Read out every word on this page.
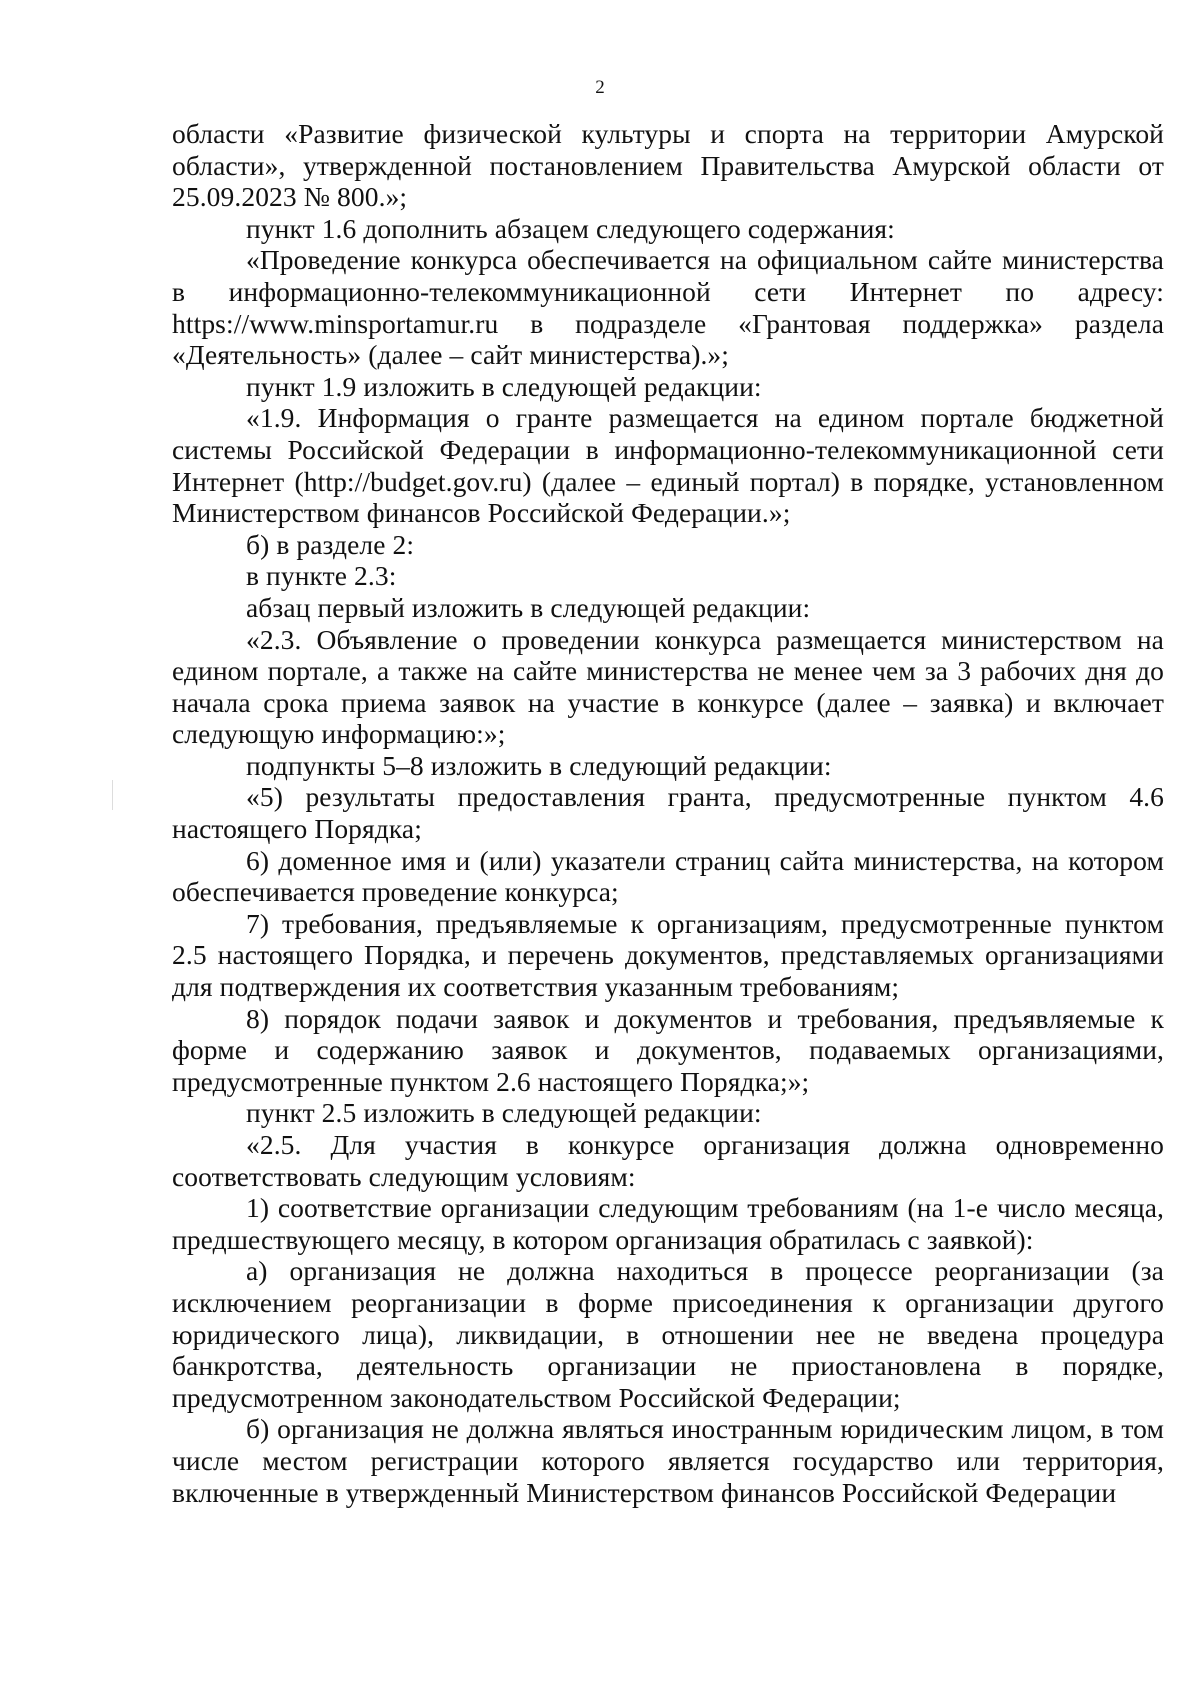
2

области «Развитие физической культуры и спорта на территории Амурской области», утвержденной постановлением Правительства Амурской области от 25.09.2023 № 800.»;

пункт 1.6 дополнить абзацем следующего содержания:

«Проведение конкурса обеспечивается на официальном сайте министерства в информационно-телекоммуникационной сети Интернет по адресу: https://www.minsportamur.ru в подразделе «Грантовая поддержка» раздела «Деятельность» (далее – сайт министерства).»;

пункт 1.9 изложить в следующей редакции:

«1.9. Информация о гранте размещается на едином портале бюджетной системы Российской Федерации в информационно-телекоммуникационной сети Интернет (http://budget.gov.ru) (далее – единый портал) в порядке, установленном Министерством финансов Российской Федерации.»;

б) в разделе 2:

в пункте 2.3:

абзац первый изложить в следующей редакции:

«2.3. Объявление о проведении конкурса размещается министерством на едином портале, а также на сайте министерства не менее чем за 3 рабочих дня до начала срока приема заявок на участие в конкурсе (далее – заявка) и включает следующую информацию:»;

подпункты 5–8 изложить в следующий редакции:

«5) результаты предоставления гранта, предусмотренные пунктом 4.6 настоящего Порядка;

6) доменное имя и (или) указатели страниц сайта министерства, на котором обеспечивается проведение конкурса;

7) требования, предъявляемые к организациям, предусмотренные пунктом 2.5 настоящего Порядка, и перечень документов, представляемых организациями для подтверждения их соответствия указанным требованиям;

8) порядок подачи заявок и документов и требования, предъявляемые к форме и содержанию заявок и документов, подаваемых организациями, предусмотренные пунктом 2.6 настоящего Порядка;»;

пункт 2.5 изложить в следующей редакции:

«2.5. Для участия в конкурсе организация должна одновременно соответствовать следующим условиям:

1) соответствие организации следующим требованиям (на 1-е число месяца, предшествующего месяцу, в котором организация обратилась с заявкой):

а) организация не должна находиться в процессе реорганизации (за исключением реорганизации в форме присоединения к организации другого юридического лица), ликвидации, в отношении нее не введена процедура банкротства, деятельность организации не приостановлена в порядке, предусмотренном законодательством Российской Федерации;

б) организация не должна являться иностранным юридическим лицом, в том числе местом регистрации которого является государство или территория, включенные в утвержденный Министерством финансов Российской Федерации
